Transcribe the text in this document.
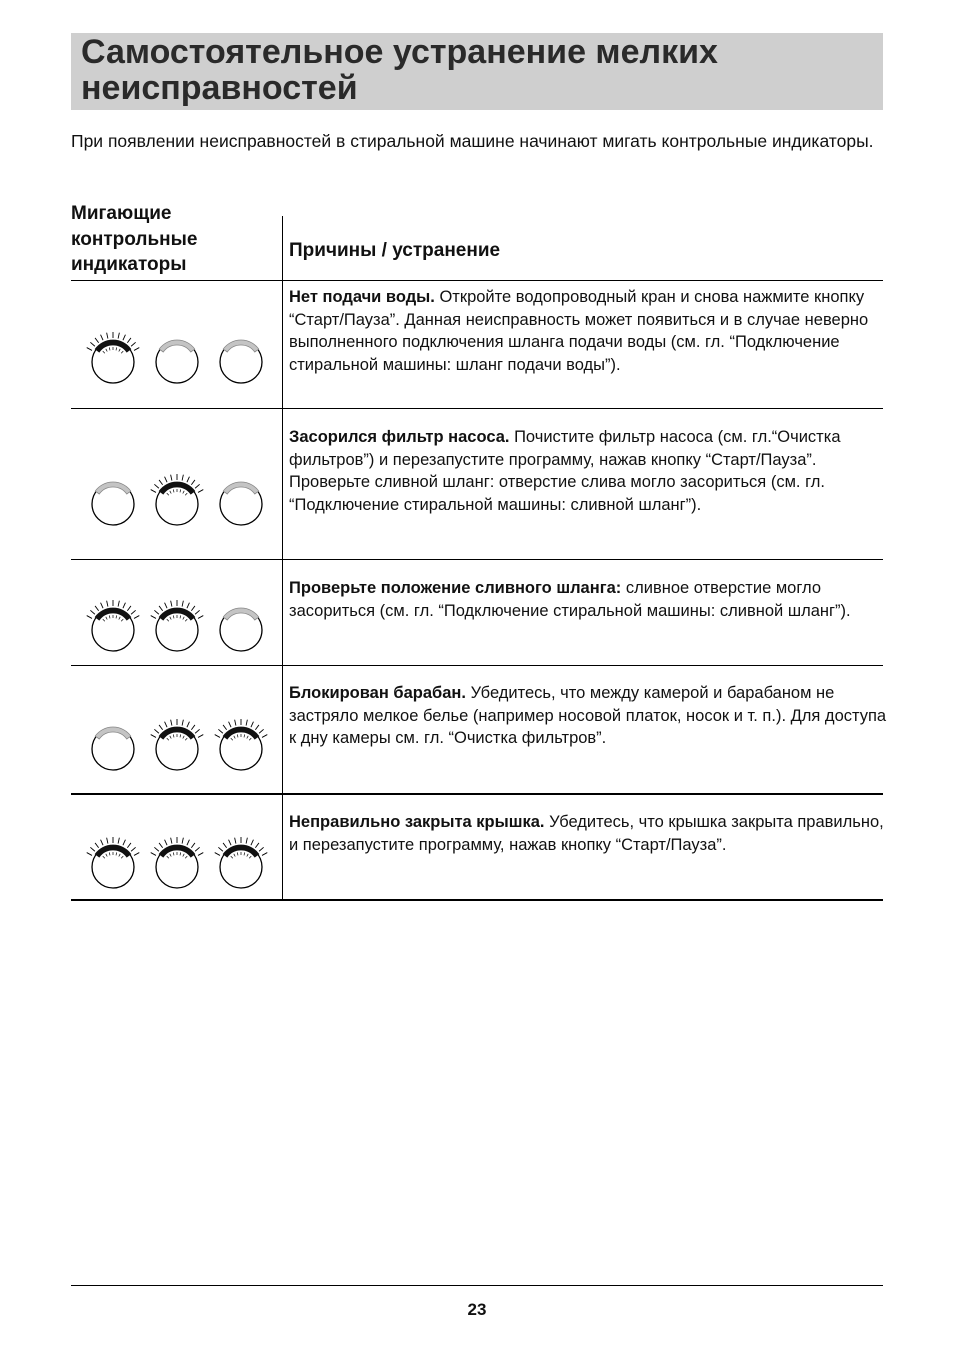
Самостоятельное устранение мелких неисправностей
При появлении неисправностей в стиральной машине начинают мигать контрольные индикаторы.
Мигающие контрольные индикаторы
Причины / устранение
Нет подачи воды. Откройте водопроводный кран и снова нажмите кнопку “Старт/Пауза”. Данная неисправность может появиться и в случае неверно выполненного подключения шланга подачи воды (см. гл. “Подключение стиральной машины: шланг подачи воды”).
Засорился фильтр насоса. Почистите фильтр насоса (см. гл.“Очистка фильтров”) и перезапустите программу, нажав кнопку “Старт/Пауза”.
Проверьте сливной шланг: отверстие слива могло засориться (см. гл. “Подключение стиральной машины: сливной шланг”).
Проверьте положение сливного шланга: сливное отверстие могло засориться (см. гл. “Подключение стиральной машины: сливной шланг”).
Блокирован барабан. Убедитесь, что между камерой и барабаном не застряло мелкое белье (например носовой платок, носок и т. п.). Для доступа к дну камеры см. гл. “Очистка фильтров”.
Неправильно закрыта крышка. Убедитесь, что крышка закрыта правильно, и перезапустите программу, нажав кнопку “Старт/Пауза”.
23
